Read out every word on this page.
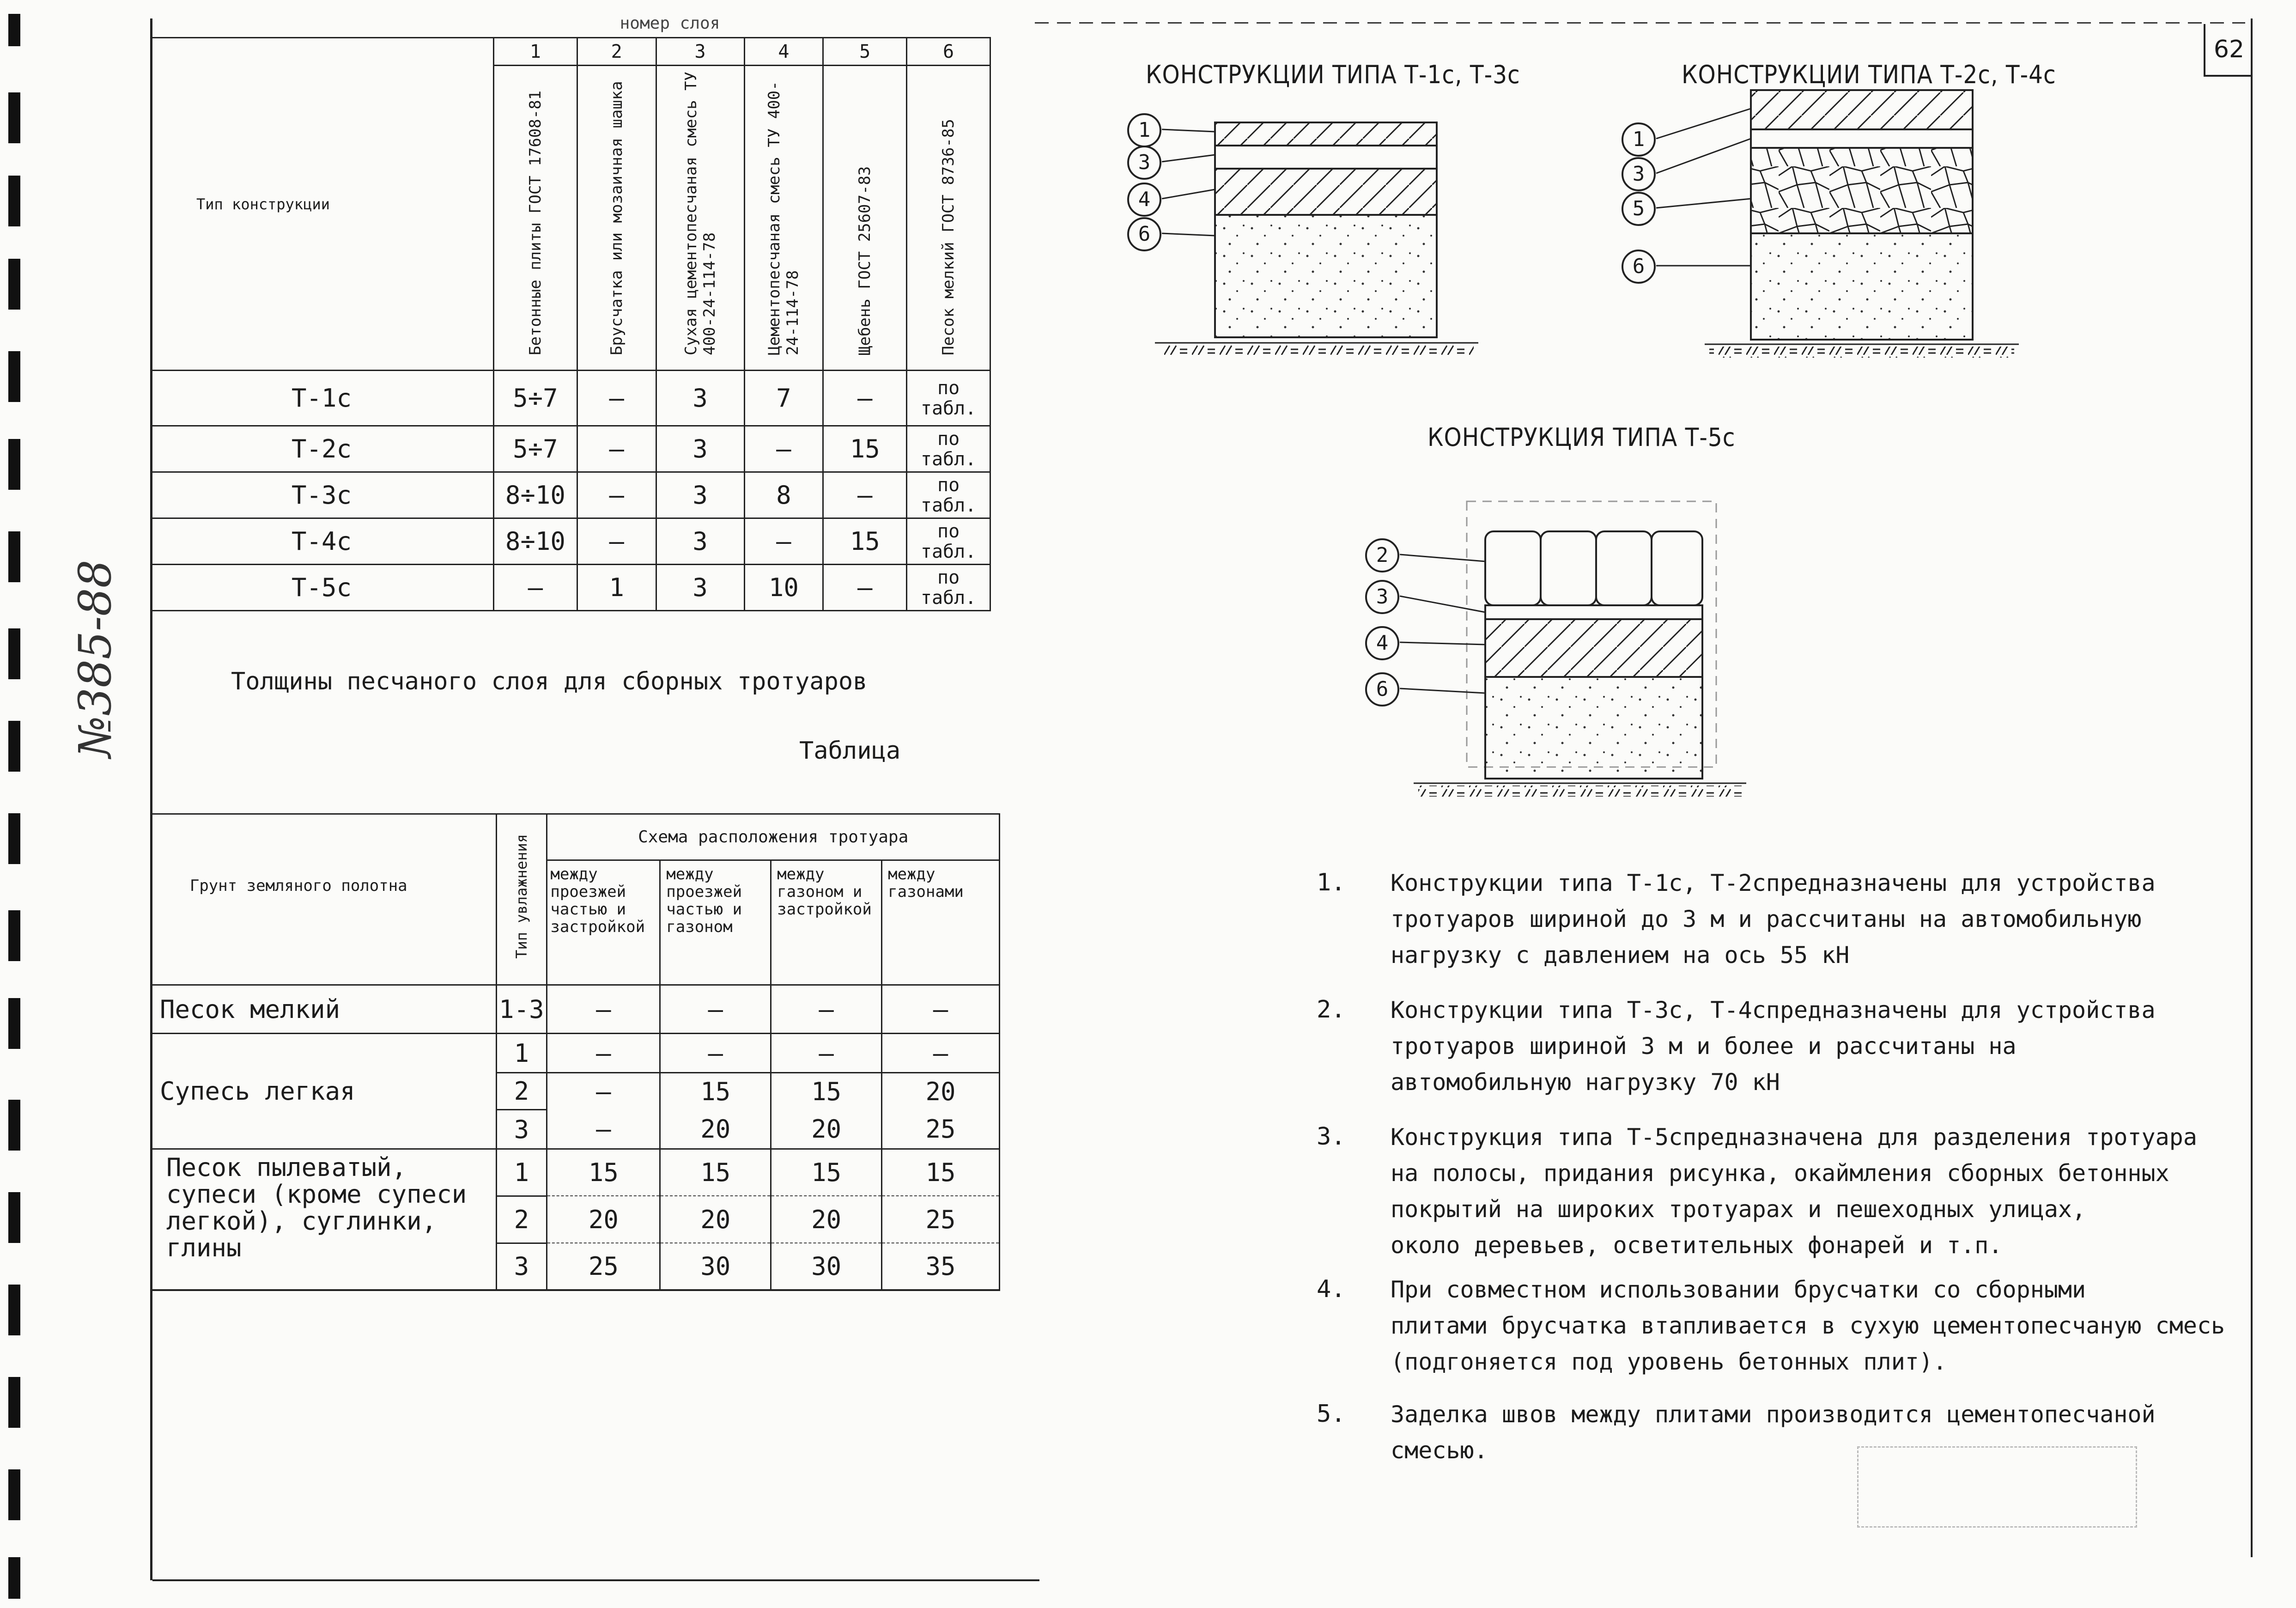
№385-88
62
номер слоя
Тип конструкции	1	2	3	4	5	6
	Бетонные плиты ГОСТ 17608-81	Брусчатка или мозаичная шашка	Сухая цементопесчаная смесь ТУ 400-24-114-78	Цементопесчаная смесь ТУ 400-24-114-78	Щебень ГОСТ 25607-83	Песок мелкий ГОСТ 8736-85
Т-1с	5÷7	–	3	7	–	по табл.
Т-2с	5÷7	–	3	–	15	по табл.
Т-3с	8÷10	–	3	8	–	по табл.
Т-4с	8÷10	–	3	–	15	по табл.
Т-5с	–	1	3	10	–	по табл.
Толщины песчаного слоя для сборных тротуаров
Таблица
Грунт земляного полотна	Тип увлажнения	Схема расположения тротуара			
		между проезжей частью и застройкой	между проезжей частью и газоном	между газоном и застройкой	между газонами
Песок мелкий	1-3	–	–	–	–
Супесь легкая	1	–	–	–	–
	2	–	15	15	20
	3	–	20	20	25
Песок пылеватый, супеси (кроме супеси легкой), суглинки, глины	1	15	15	15	15
	2	20	20	20	25
	3	25	30	30	35
КОНСТРУКЦИИ ТИПА Т-1с, Т-3с	КОНСТРУКЦИИ ТИПА Т-2с, Т-4с
КОНСТРУКЦИЯ ТИПА Т-5с
1
3
4
6
1
3
5
6
2
3
4
6
1. Конструкции типа Т-1с, Т-2спредназначены для устройства
тротуаров шириной до 3 м и рассчитаны на автомобильную
нагрузку с давлением на ось 55 кН
2. Конструкции типа Т-3с, Т-4спредназначены для устройства
тротуаров шириной 3 м и более и рассчитаны на
автомобильную нагрузку 70 кН
3. Конструкция типа Т-5спредназначена для разделения тротуара
на полосы, придания рисунка, окаймления сборных бетонных
покрытий на широких тротуарах и пешеходных улицах,
около деревьев, осветительных фонарей и т.п.
4. При совместном использовании брусчатки со сборными
плитами брусчатка втапливается в сухую цементопесчаную смесь
(подгоняется под уровень бетонных плит).
5. Заделка швов между плитами производится цементопесчаной
смесью.
